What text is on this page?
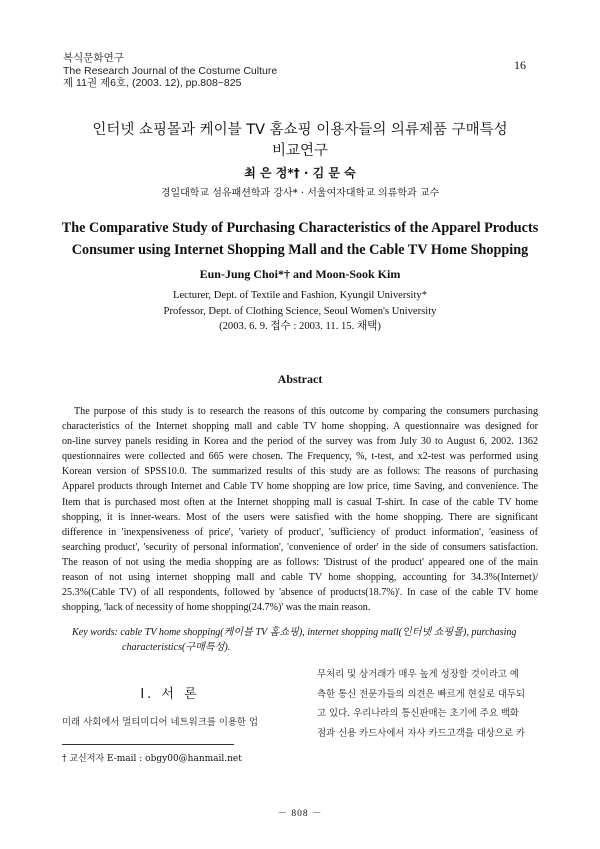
복식문화연구
The Research Journal of the Costume Culture
제 11권 제6호, (2003. 12), pp.808~825
16
인터넷 쇼핑몰과 케이블 TV 홈쇼핑 이용자들의 의류제품 구매특성
비교연구
최 은 정*† · 김 문 숙
경일대학교 섬유패션학과 강사* · 서울여자대학교 의류학과 교수
The Comparative Study of Purchasing Characteristics of the Apparel Products
Consumer using Internet Shopping Mall and the Cable TV Home Shopping
Eun-Jung Choi*† and Moon-Sook Kim
Lecturer, Dept. of Textile and Fashion, Kyungil University*
Professor, Dept. of Clothing Science, Seoul Women's University
(2003. 6. 9. 접수 : 2003. 11. 15. 채택)
Abstract
The purpose of this study is to research the reasons of this outcome by comparing the consumers purchasing
characteristics of the Internet shopping mall and cable TV home shopping. A questionnaire was designed for
on-line survey panels residing in Korea and the period of the survey was from July 30 to August 6, 2002. 1362
questionnaires were collected and 665 were chosen. The Frequency, %, t-test, and x2-test was performed using
Korean version of SPSS10.0. The summarized results of this study are as follows: The reasons of purchasing
Apparel products through Internet and Cable TV home shopping are low price, time Saving, and convenience. The
Item that is purchased most often at the Internet shopping mall is casual T-shirt. In case of the cable TV home
shopping, it is inner-wears. Most of the users were satisfied with the home shopping. There are significant
difference in 'inexpensiveness of price', 'variety of product', 'sufficiency of product information', 'easiness of
searching product', 'security of personal information', 'convenience of order' in the side of consumers satisfaction.
The reason of not using the media shopping are as follows: 'Distrust of the product' appeared one of the main
reason of not using internet shopping mall and cable TV home shopping, accounting for 34.3%(Internet)/
25.3%(Cable TV) of all respondents, followed by 'absence of products(18.7%)'. In case of the cable TV home
shopping, 'lack of necessity of home shopping(24.7%)' was the main reason.
Key words: cable TV home shopping(케이블 TV 홈쇼핑), internet shopping mall(인터넷 쇼핑몰), purchasing
characteristics(구매특성).
Ⅰ. 서 론
미래 사회에서 멀티미디어 네트워크를 이용한 업
무처리 및 상거래가 매우 높게 성장할 것이라고 예
측한 통신 전문가들의 의견은 빠르게 현실로 대두되
고 있다. 우리나라의 통신판매는 초기에 주요 백화
점과 신용 카드사에서 자사 카드고객을 대상으로 카
† 교신저자 E-mail : obgy00@hanmail.net
－ 808 －
